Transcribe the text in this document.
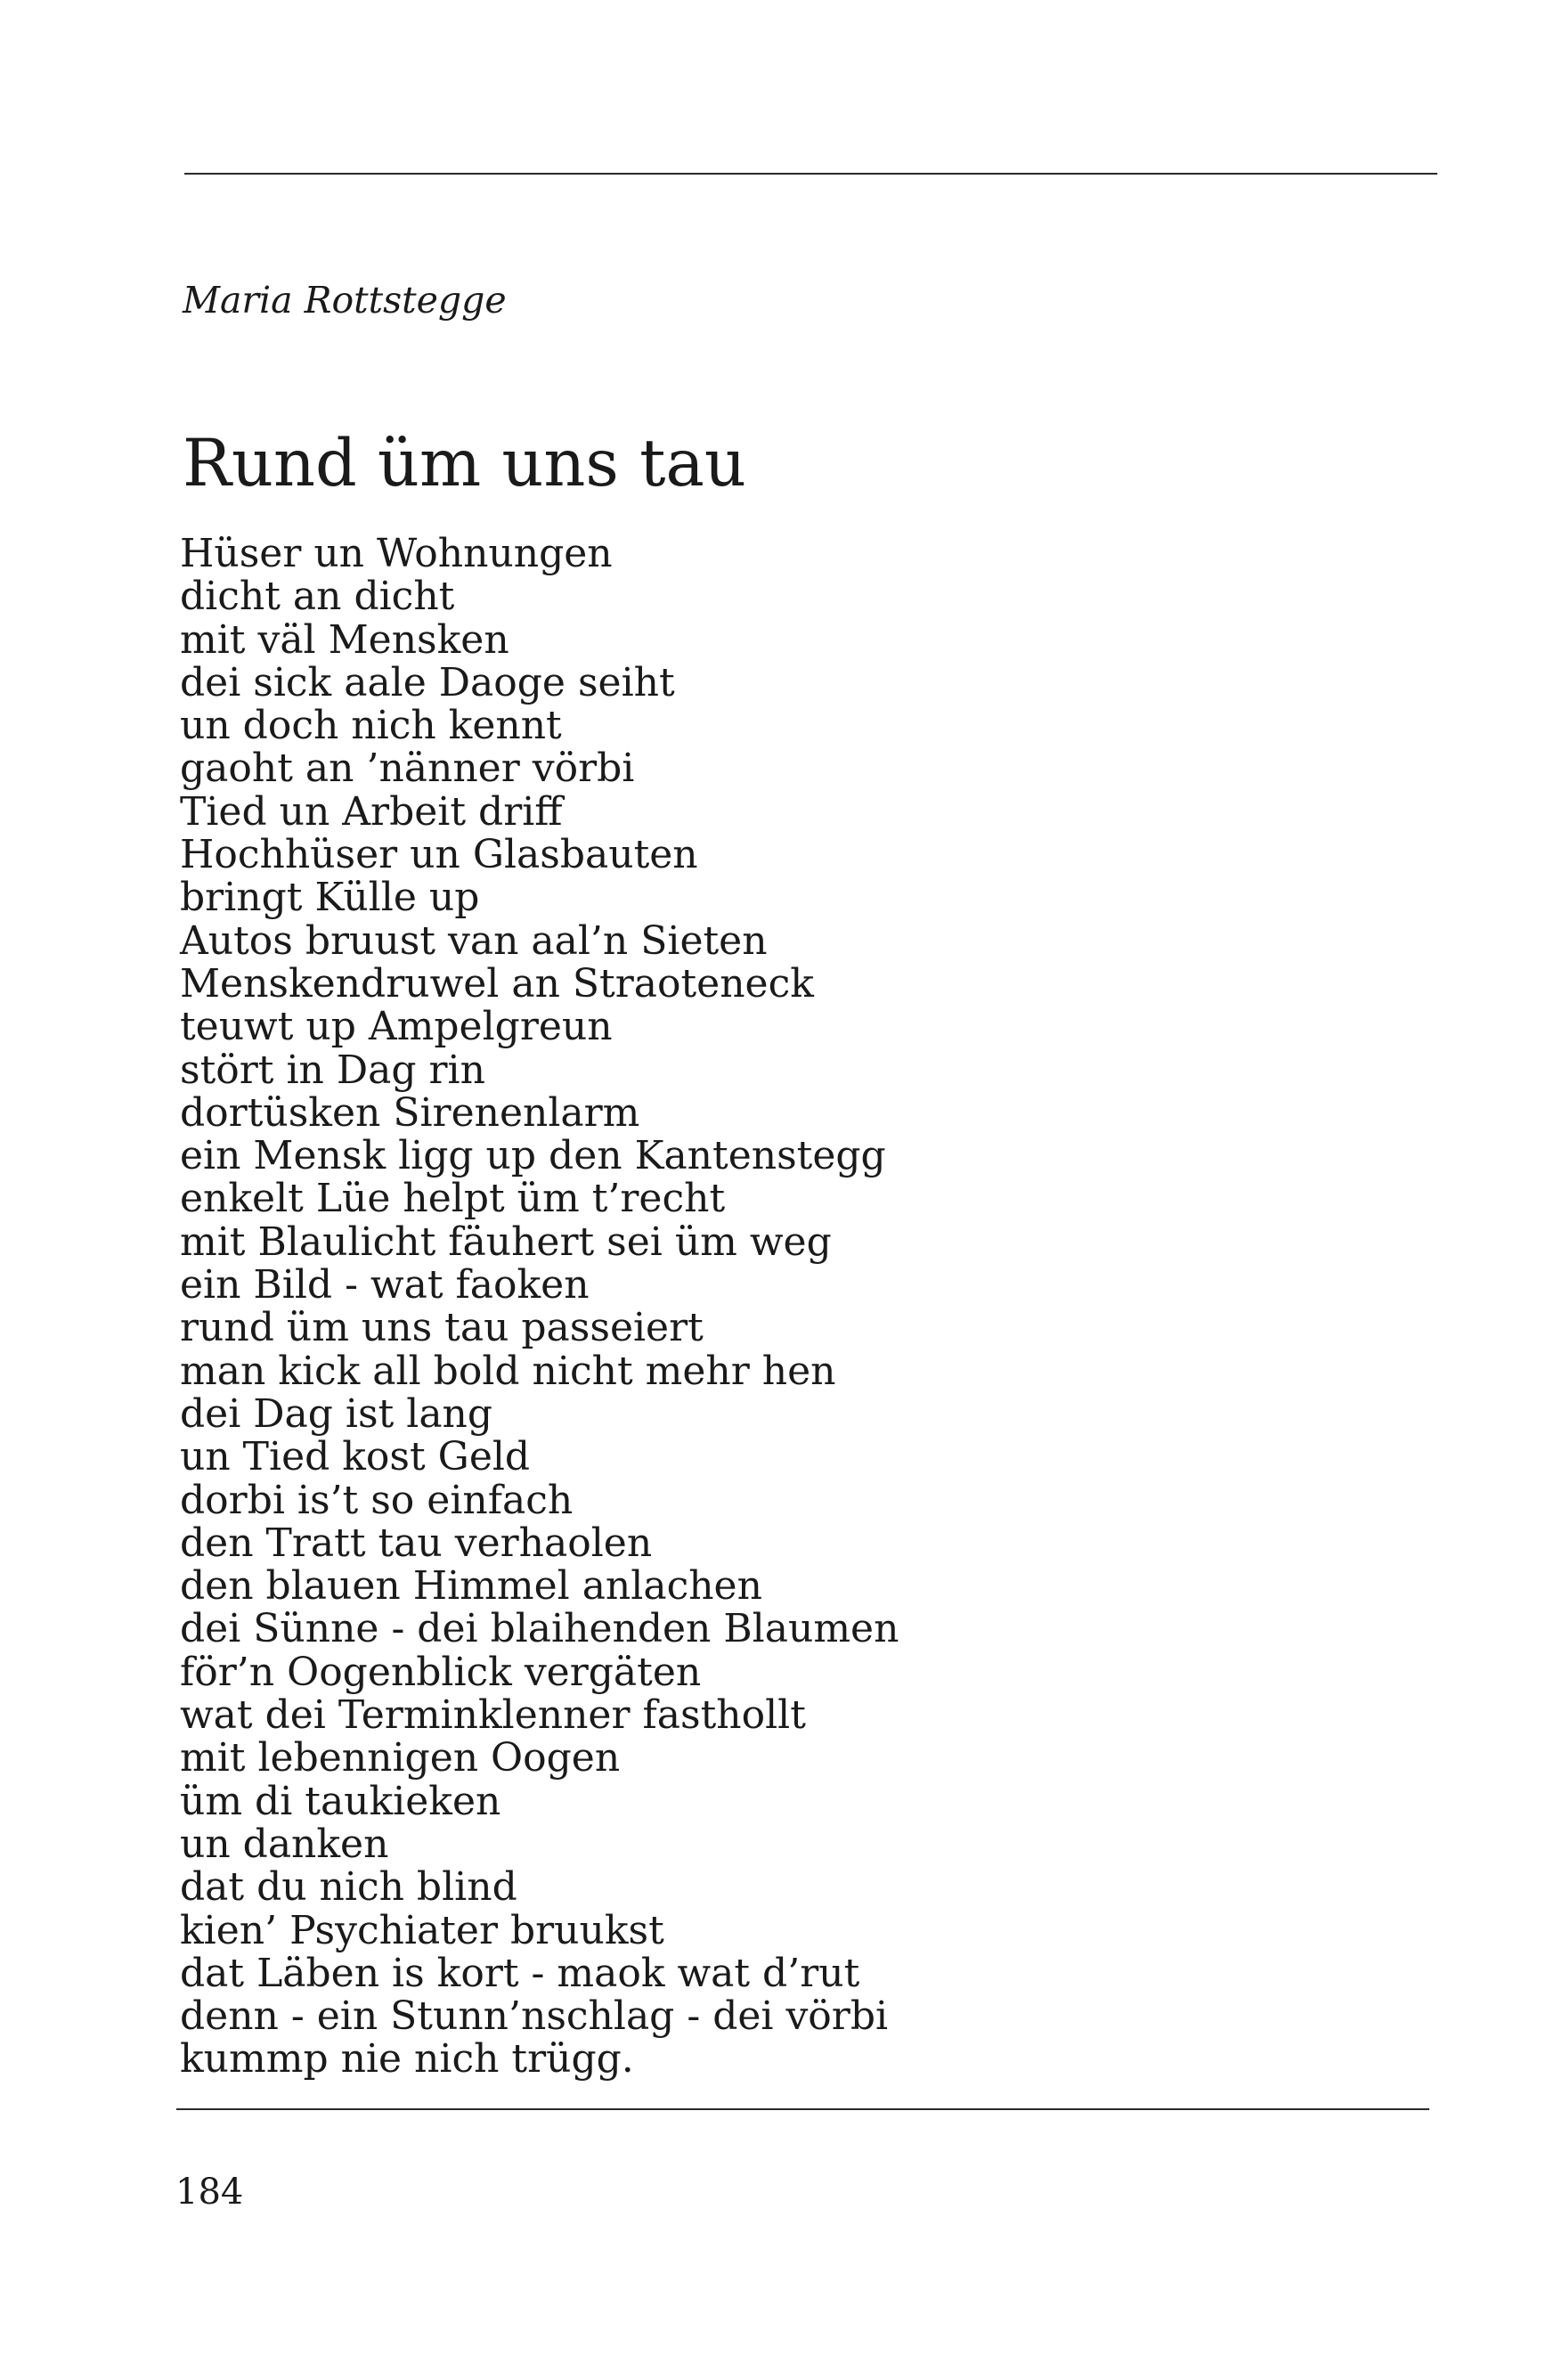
Maria Rottstegge
Rund üm uns tau
Hüser un Wohnungen
dicht an dicht
mit väl Mensken
dei sick aale Daoge seiht
un doch nich kennt
gaoht an ’nänner vörbi
Tied un Arbeit driff
Hochhüser un Glasbauten
bringt Külle up
Autos bruust van aal’n Sieten
Menskendruwel an Straoteneck
teuwt up Ampelgreun
stört in Dag rin
dortüsken Sirenenlarm
ein Mensk ligg up den Kantenstegg
enkelt Lüe helpt üm t’recht
mit Blaulicht fäuhert sei üm weg
ein Bild - wat faoken
rund üm uns tau passeiert
man kick all bold nicht mehr hen
dei Dag ist lang
un Tied kost Geld
dorbi is’t so einfach
den Tratt tau verhaolen
den blauen Himmel anlachen
dei Sünne - dei blaihenden Blaumen
för’n Oogenblick vergäten
wat dei Terminklenner fasthollt
mit lebennigen Oogen
üm di taukieken
un danken
dat du nich blind
kien’ Psychiater bruukst
dat Läben is kort - maok wat d’rut
denn - ein Stunn’nschlag - dei vörbi
kummp nie nich trügg.
184
